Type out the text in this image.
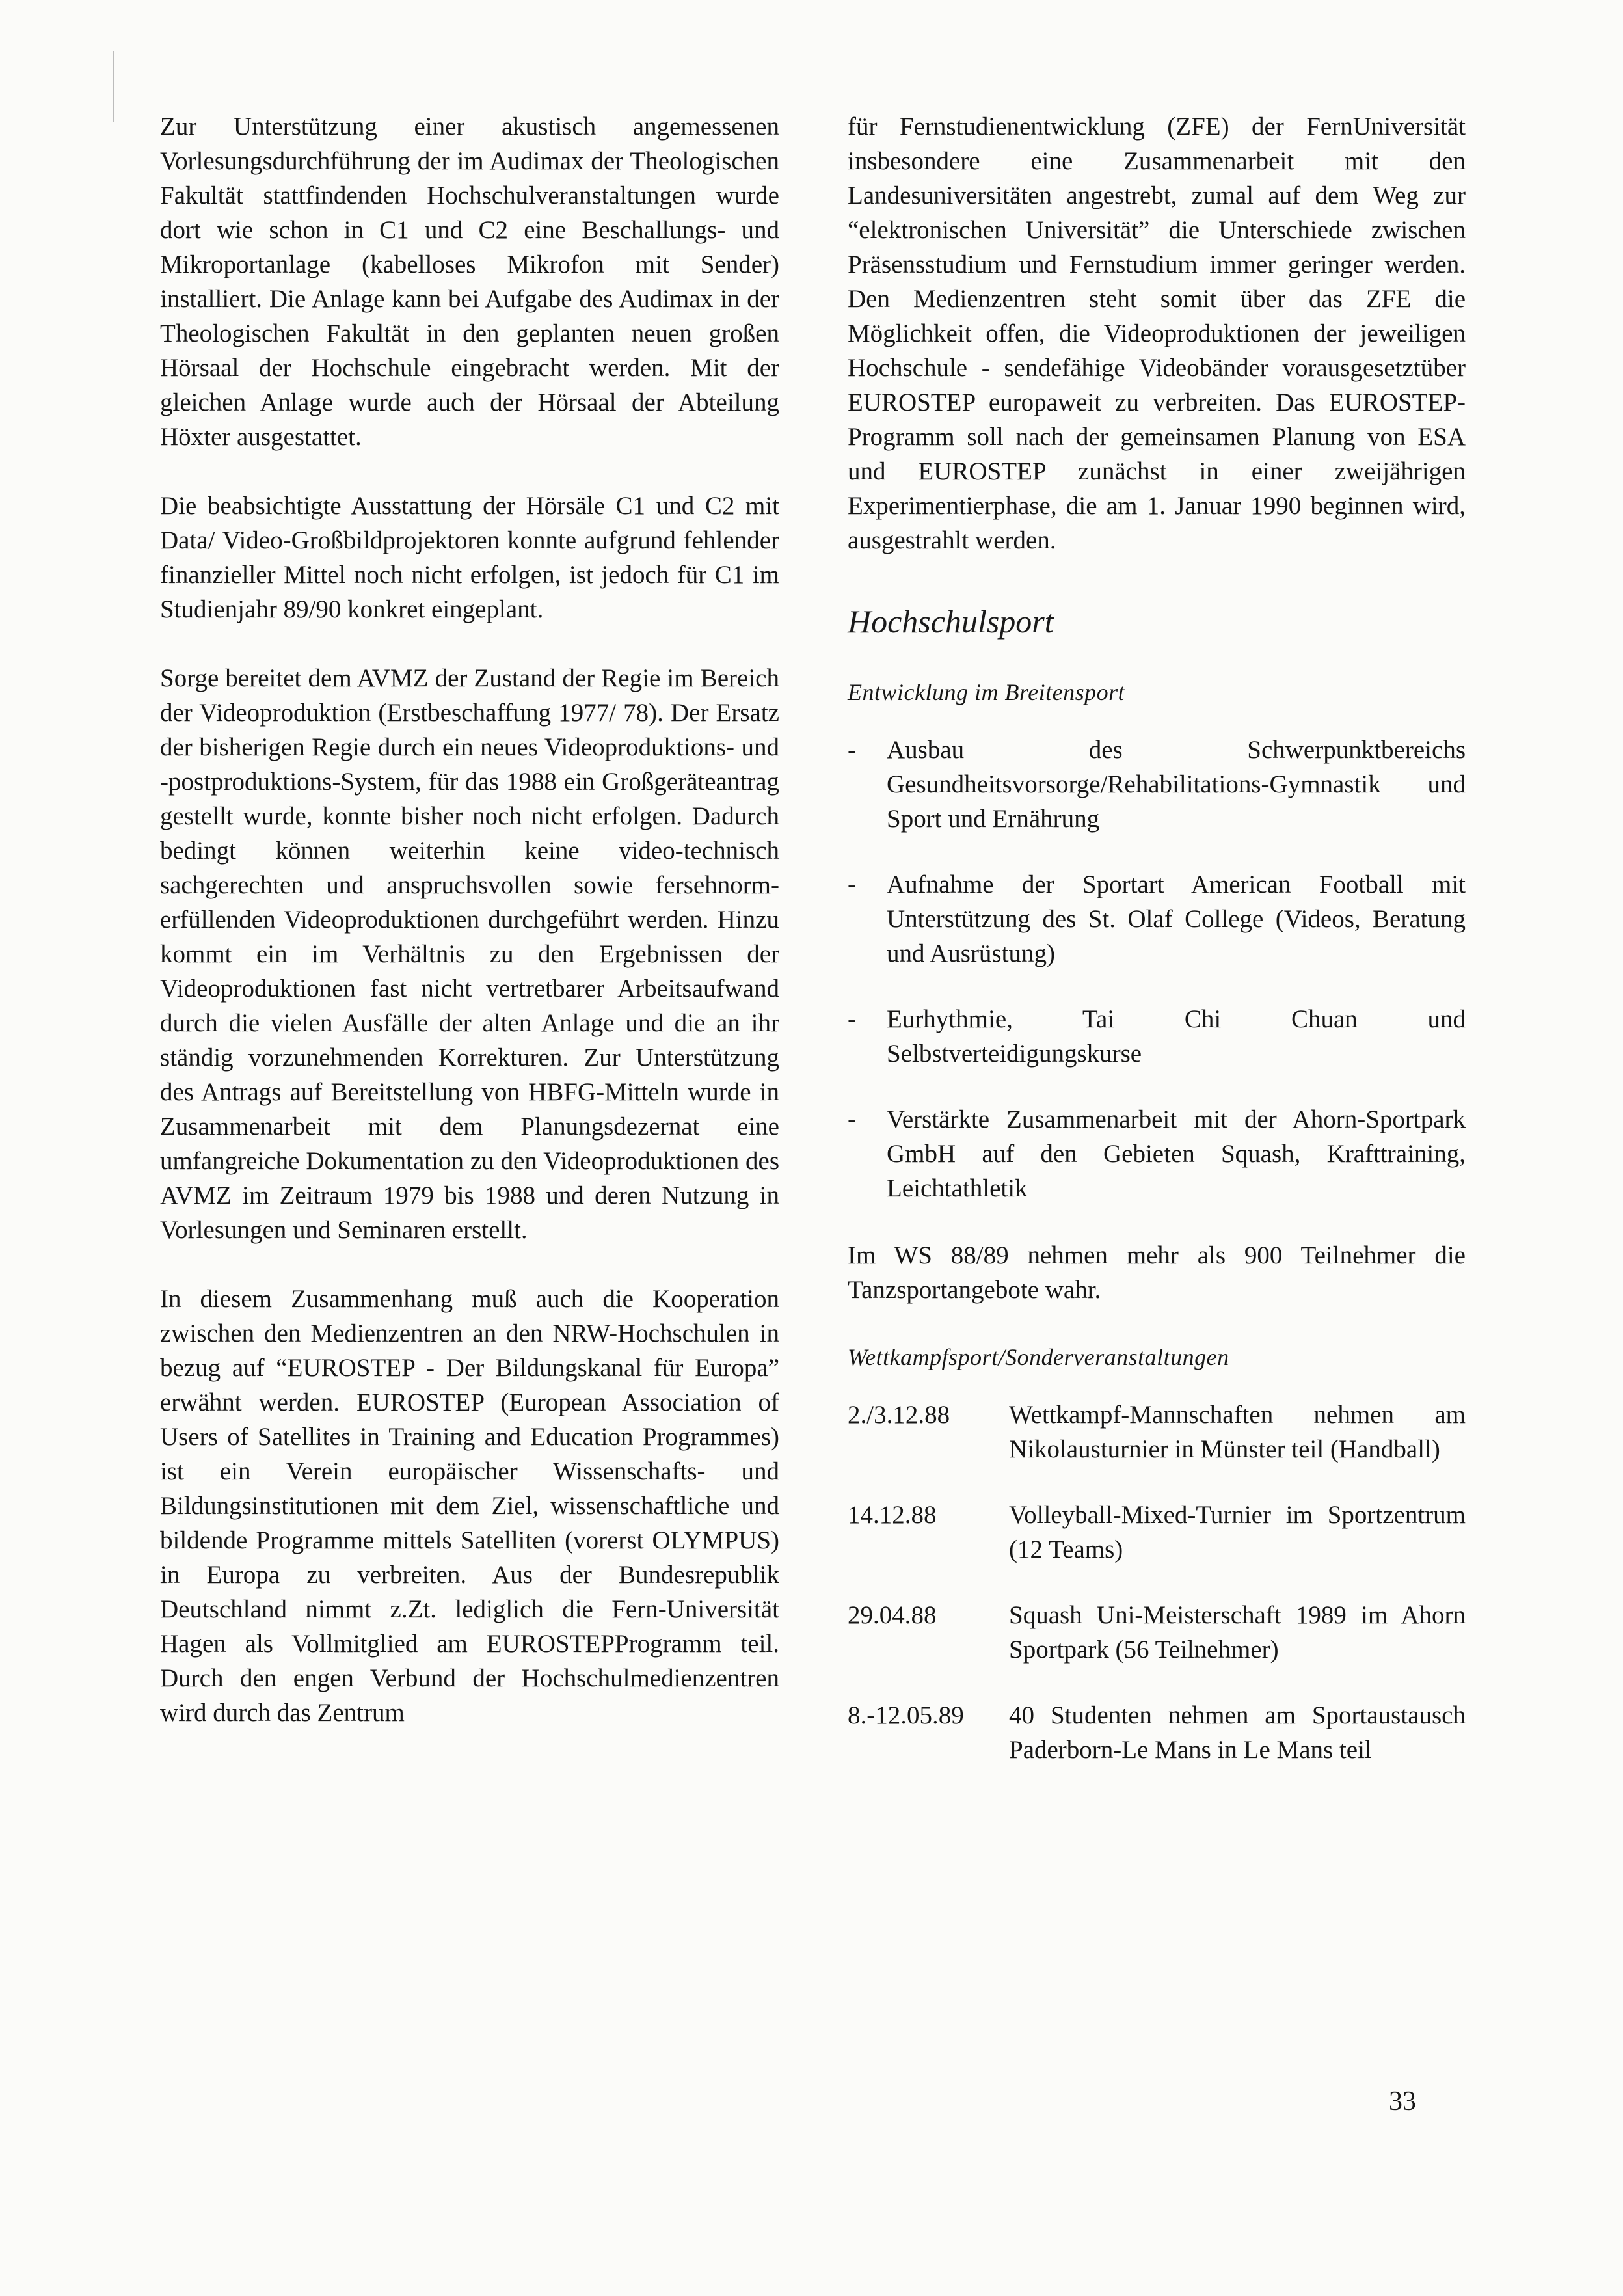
Zur Unterstützung einer akustisch angemessenen Vorlesungsdurchführung der im Audimax der Theologischen Fakultät stattfindenden Hochschulveranstaltungen wurde dort wie schon in C1 und C2 eine Beschallungs- und Mikroportanlage (kabelloses Mikrofon mit Sender) installiert. Die Anlage kann bei Aufgabe des Audimax in der Theologischen Fakultät in den geplanten neuen großen Hörsaal der Hochschule eingebracht werden. Mit der gleichen Anlage wurde auch der Hörsaal der Abteilung Höxter ausgestattet.

Die beabsichtigte Ausstattung der Hörsäle C1 und C2 mit Data/ Video-Großbildprojektoren konnte aufgrund fehlender finanzieller Mittel noch nicht erfolgen, ist jedoch für C1 im Studienjahr 89/90 konkret eingeplant.

Sorge bereitet dem AVMZ der Zustand der Regie im Bereich der Videoproduktion (Erstbeschaffung 1977/ 78). Der Ersatz der bisherigen Regie durch ein neues Videoproduktions- und -postproduktions-System, für das 1988 ein Großgeräteantrag gestellt wurde, konnte bisher noch nicht erfolgen. Dadurch bedingt können weiterhin keine video-technisch sachgerechten und anspruchsvollen sowie fersehnorm-erfüllenden Videoproduktionen durchgeführt werden. Hinzu kommt ein im Verhältnis zu den Ergebnissen der Videoproduktionen fast nicht vertretbarer Arbeitsaufwand durch die vielen Ausfälle der alten Anlage und die an ihr ständig vorzunehmenden Korrekturen. Zur Unterstützung des Antrags auf Bereitstellung von HBFG-Mitteln wurde in Zusammenarbeit mit dem Planungsdezernat eine umfangreiche Dokumentation zu den Videoproduktionen des AVMZ im Zeitraum 1979 bis 1988 und deren Nutzung in Vorlesungen und Seminaren erstellt.

In diesem Zusammenhang muß auch die Kooperation zwischen den Medienzentren an den NRW-Hochschulen in bezug auf “EUROSTEP - Der Bildungskanal für Europa” erwähnt werden. EUROSTEP (European Association of Users of Satellites in Training and Education Programmes) ist ein Verein europäischer Wissenschafts- und Bildungsinstitutionen mit dem Ziel, wissenschaftliche und bildende Programme mittels Satelliten (vorerst OLYMPUS) in Europa zu verbreiten. Aus der Bundesrepublik Deutschland nimmt z.Zt. lediglich die Fern-Universität Hagen als Vollmitglied am EUROSTEPProgramm teil. Durch den engen Verbund der Hochschulmedienzentren wird durch das Zentrum

für Fernstudienentwicklung (ZFE) der FernUniversität insbesondere eine Zusammenarbeit mit den Landesuniversitäten angestrebt, zumal auf dem Weg zur “elektronischen Universität” die Unterschiede zwischen Präsensstudium und Fernstudium immer geringer werden. Den Medienzentren steht somit über das ZFE die Möglichkeit offen, die Videoproduktionen der jeweiligen Hochschule - sendefähige Videobänder vorausgesetztüber EUROSTEP europaweit zu verbreiten. Das EUROSTEP-Programm soll nach der gemeinsamen Planung von ESA und EUROSTEP zunächst in einer zweijährigen Experimentierphase, die am 1. Januar 1990 beginnen wird, ausgestrahlt werden.

Hochschulsport
Entwicklung im Breitensport
- Ausbau des Schwerpunktbereichs Gesundheitsvorsorge/Rehabilitations-Gymnastik und Sport und Ernährung
- Aufnahme der Sportart American Football mit Unterstützung des St. Olaf College (Videos, Beratung und Ausrüstung)
- Eurhythmie, Tai Chi Chuan und Selbstverteidigungskurse
- Verstärkte Zusammenarbeit mit der Ahorn-Sportpark GmbH auf den Gebieten Squash, Krafttraining, Leichtathletik

Im WS 88/89 nehmen mehr als 900 Teilnehmer die Tanzsportangebote wahr.

Wettkampfsport/Sonderveranstaltungen
2./3.12.88	Wettkampf-Mannschaften nehmen am Nikolausturnier in Münster teil (Handball)
14.12.88	Volleyball-Mixed-Turnier im Sportzentrum (12 Teams)
29.04.88	Squash Uni-Meisterschaft 1989 im Ahorn Sportpark (56 Teilnehmer)
8.-12.05.89	40 Studenten nehmen am Sportaustausch Paderborn-Le Mans in Le Mans teil
33
